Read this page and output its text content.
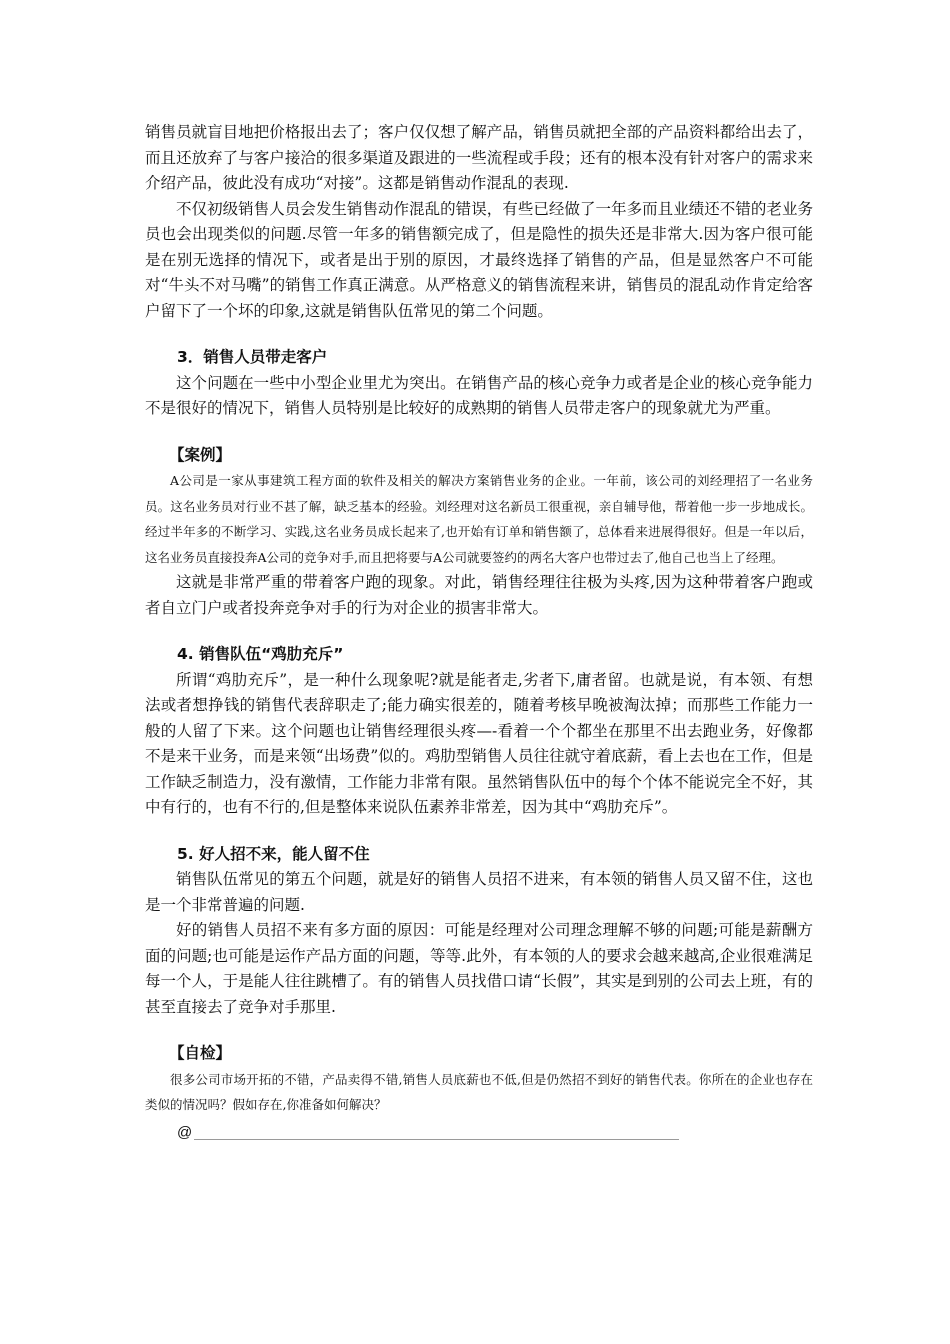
销售员就盲目地把价格报出去了；客户仅仅想了解产品，销售员就把全部的产品资料都给出去了，而且还放弃了与客户接洽的很多渠道及跟进的一些流程或手段；还有的根本没有针对客户的需求来介绍产品，彼此没有成功“对接”。这都是销售动作混乱的表现.

不仅初级销售人员会发生销售动作混乱的错误，有些已经做了一年多而且业绩还不错的老业务员也会出现类似的问题.尽管一年多的销售额完成了，但是隐性的损失还是非常大.因为客户很可能是在别无选择的情况下，或者是出于别的原因，才最终选择了销售的产品，但是显然客户不可能对“牛头不对马嘴”的销售工作真正满意。从严格意义的销售流程来讲，销售员的混乱动作肯定给客户留下了一个坏的印象,这就是销售队伍常见的第二个问题。

3．销售人员带走客户

这个问题在一些中小型企业里尤为突出。在销售产品的核心竞争力或者是企业的核心竞争能力不是很好的情况下，销售人员特别是比较好的成熟期的销售人员带走客户的现象就尤为严重。

【案例】

A公司是一家从事建筑工程方面的软件及相关的解决方案销售业务的企业。一年前，该公司的刘经理招了一名业务员。这名业务员对行业不甚了解，缺乏基本的经验。刘经理对这名新员工很重视，亲自辅导他，帮着他一步一步地成长。经过半年多的不断学习、实践,这名业务员成长起来了,也开始有订单和销售额了，总体看来进展得很好。但是一年以后，这名业务员直接投奔A公司的竞争对手,而且把将要与A公司就要签约的两名大客户也带过去了,他自己也当上了经理。

这就是非常严重的带着客户跑的现象。对此，销售经理往往极为头疼,因为这种带着客户跑或者自立门户或者投奔竞争对手的行为对企业的损害非常大。

4. 销售队伍“鸡肋充斥”

所谓“鸡肋充斥”，是一种什么现象呢?就是能者走,劣者下,庸者留。也就是说，有本领、有想法或者想挣钱的销售代表辞职走了;能力确实很差的，随着考核早晚被淘汰掉；而那些工作能力一般的人留了下来。这个问题也让销售经理很头疼—-看着一个个都坐在那里不出去跑业务，好像都不是来干业务，而是来领“出场费”似的。鸡肋型销售人员往往就守着底薪，看上去也在工作，但是工作缺乏制造力，没有激情，工作能力非常有限。虽然销售队伍中的每个个体不能说完全不好，其中有行的，也有不行的,但是整体来说队伍素养非常差，因为其中“鸡肋充斥”。

5. 好人招不来，能人留不住

销售队伍常见的第五个问题，就是好的销售人员招不进来，有本领的销售人员又留不住，这也是一个非常普遍的问题.

好的销售人员招不来有多方面的原因：可能是经理对公司理念理解不够的问题;可能是薪酬方面的问题;也可能是运作产品方面的问题，等等.此外，有本领的人的要求会越来越高,企业很难满足每一个人，于是能人往往跳槽了。有的销售人员找借口请“长假”，其实是到别的公司去上班，有的甚至直接去了竞争对手那里.

【自检】

很多公司市场开拓的不错，产品卖得不错,销售人员底薪也不低,但是仍然招不到好的销售代表。你所在的企业也存在类似的情况吗？假如存在,你准备如何解决？

@
